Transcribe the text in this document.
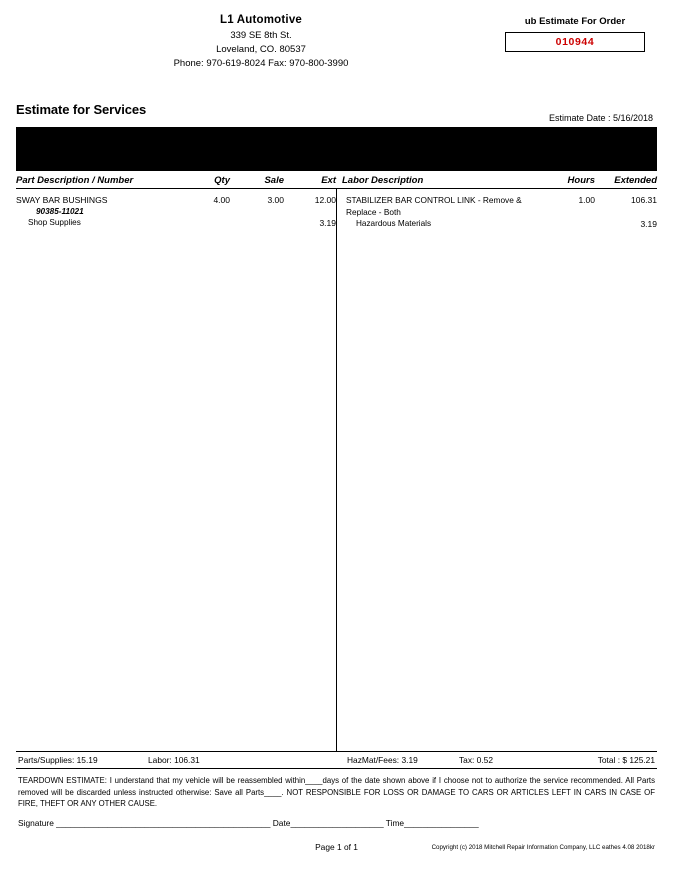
L1 Automotive
339 SE 8th St.
Loveland, CO. 80537
Phone: 970-619-8024 Fax: 970-800-3990
ub Estimate For Order
010944
Estimate for Services
Estimate Date : 5/16/2018
Part Description / Number	Qty	Sale	Ext Labor Description	Hours	Extended
SWAY BAR BUSHINGS	4.00	3.00	12.00
90385-11021
Shop Supplies	3.19
STABILIZER BAR CONTROL LINK - Remove &	1.00	106.31
Replace - Both
Hazardous Materials	3.19
Parts/Supplies: 15.19	Labor: 106.31	HazMat/Fees: 3.19	Tax: 0.52	Total : $ 125.21
TEARDOWN ESTIMATE: I understand that my vehicle will be reassembled within____days of the date shown above if I choose not to authorize the service recommended. All Parts removed will be discarded unless instructed otherwise: Save all Parts____. NOT RESPONSIBLE FOR LOSS OR DAMAGE TO CARS OR ARTICLES LEFT IN CARS IN CASE OF FIRE, THEFT OR ANY OTHER CAUSE.
Signature ______________________________________________ Date____________________ Time________________
Page 1 of 1	Copyright (c) 2018 Mitchell Repair Information Company, LLC eathes 4.08 2018kr
